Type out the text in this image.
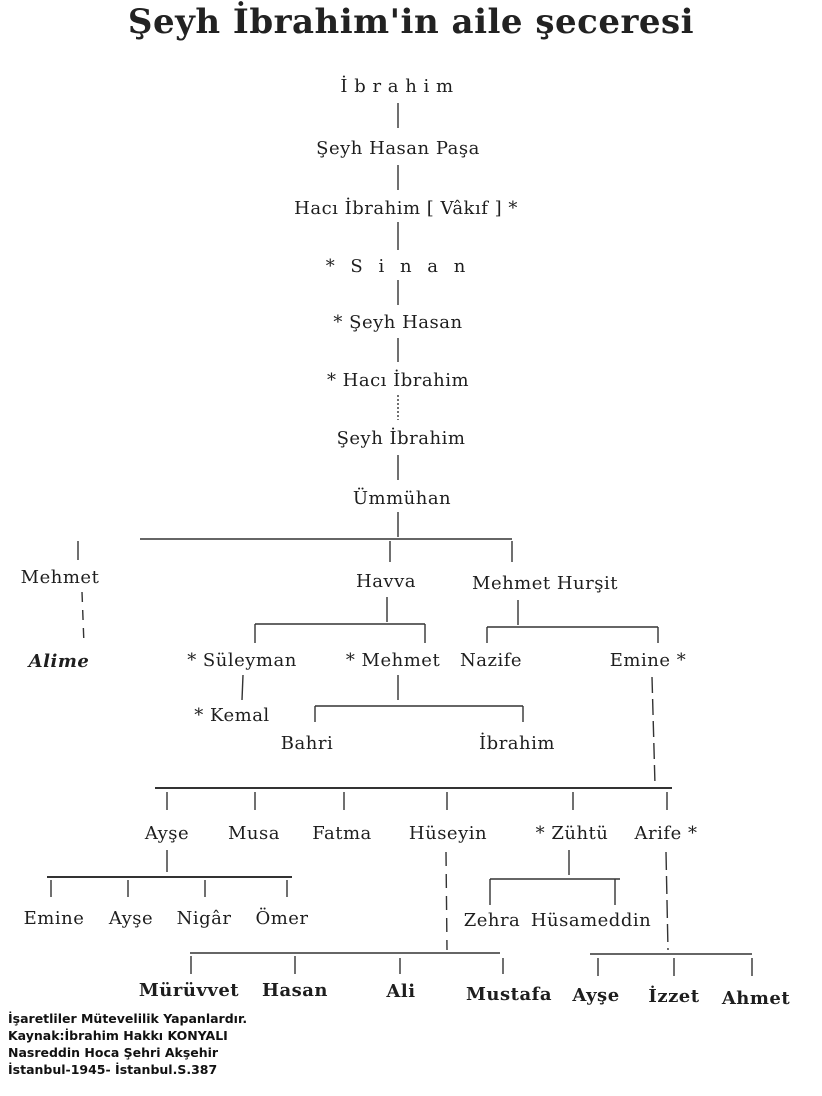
Şeyh İbrahim'in aile şeceresi
İ b r a h i m
Şeyh Hasan Paşa
Hacı İbrahim [ Vâkıf ] *
* S i n a n
* Şeyh Hasan
* Hacı İbrahim
Şeyh İbrahim
Ümmühan
Mehmet
Alime
Havva	Mehmet Hurşit
* Süleyman	* Mehmet Nazife	Emine *
* Kemal
Bahri	İbrahim
Ayşe Musa Fatma Hüseyin	* Zühtü Arife *
Emine Ayşe Nigâr Ömer	Zehra Hüsameddin
Mürüvvet Hasan	Ali	Mustafa Ayşe İzzet Ahmet
İşaretliler Mütevelilik Yapanlardır.
Kaynak:İbrahim Hakkı KONYALI
Nasreddin Hoca Şehri Akşehir
İstanbul-1945- İstanbul.S.387
